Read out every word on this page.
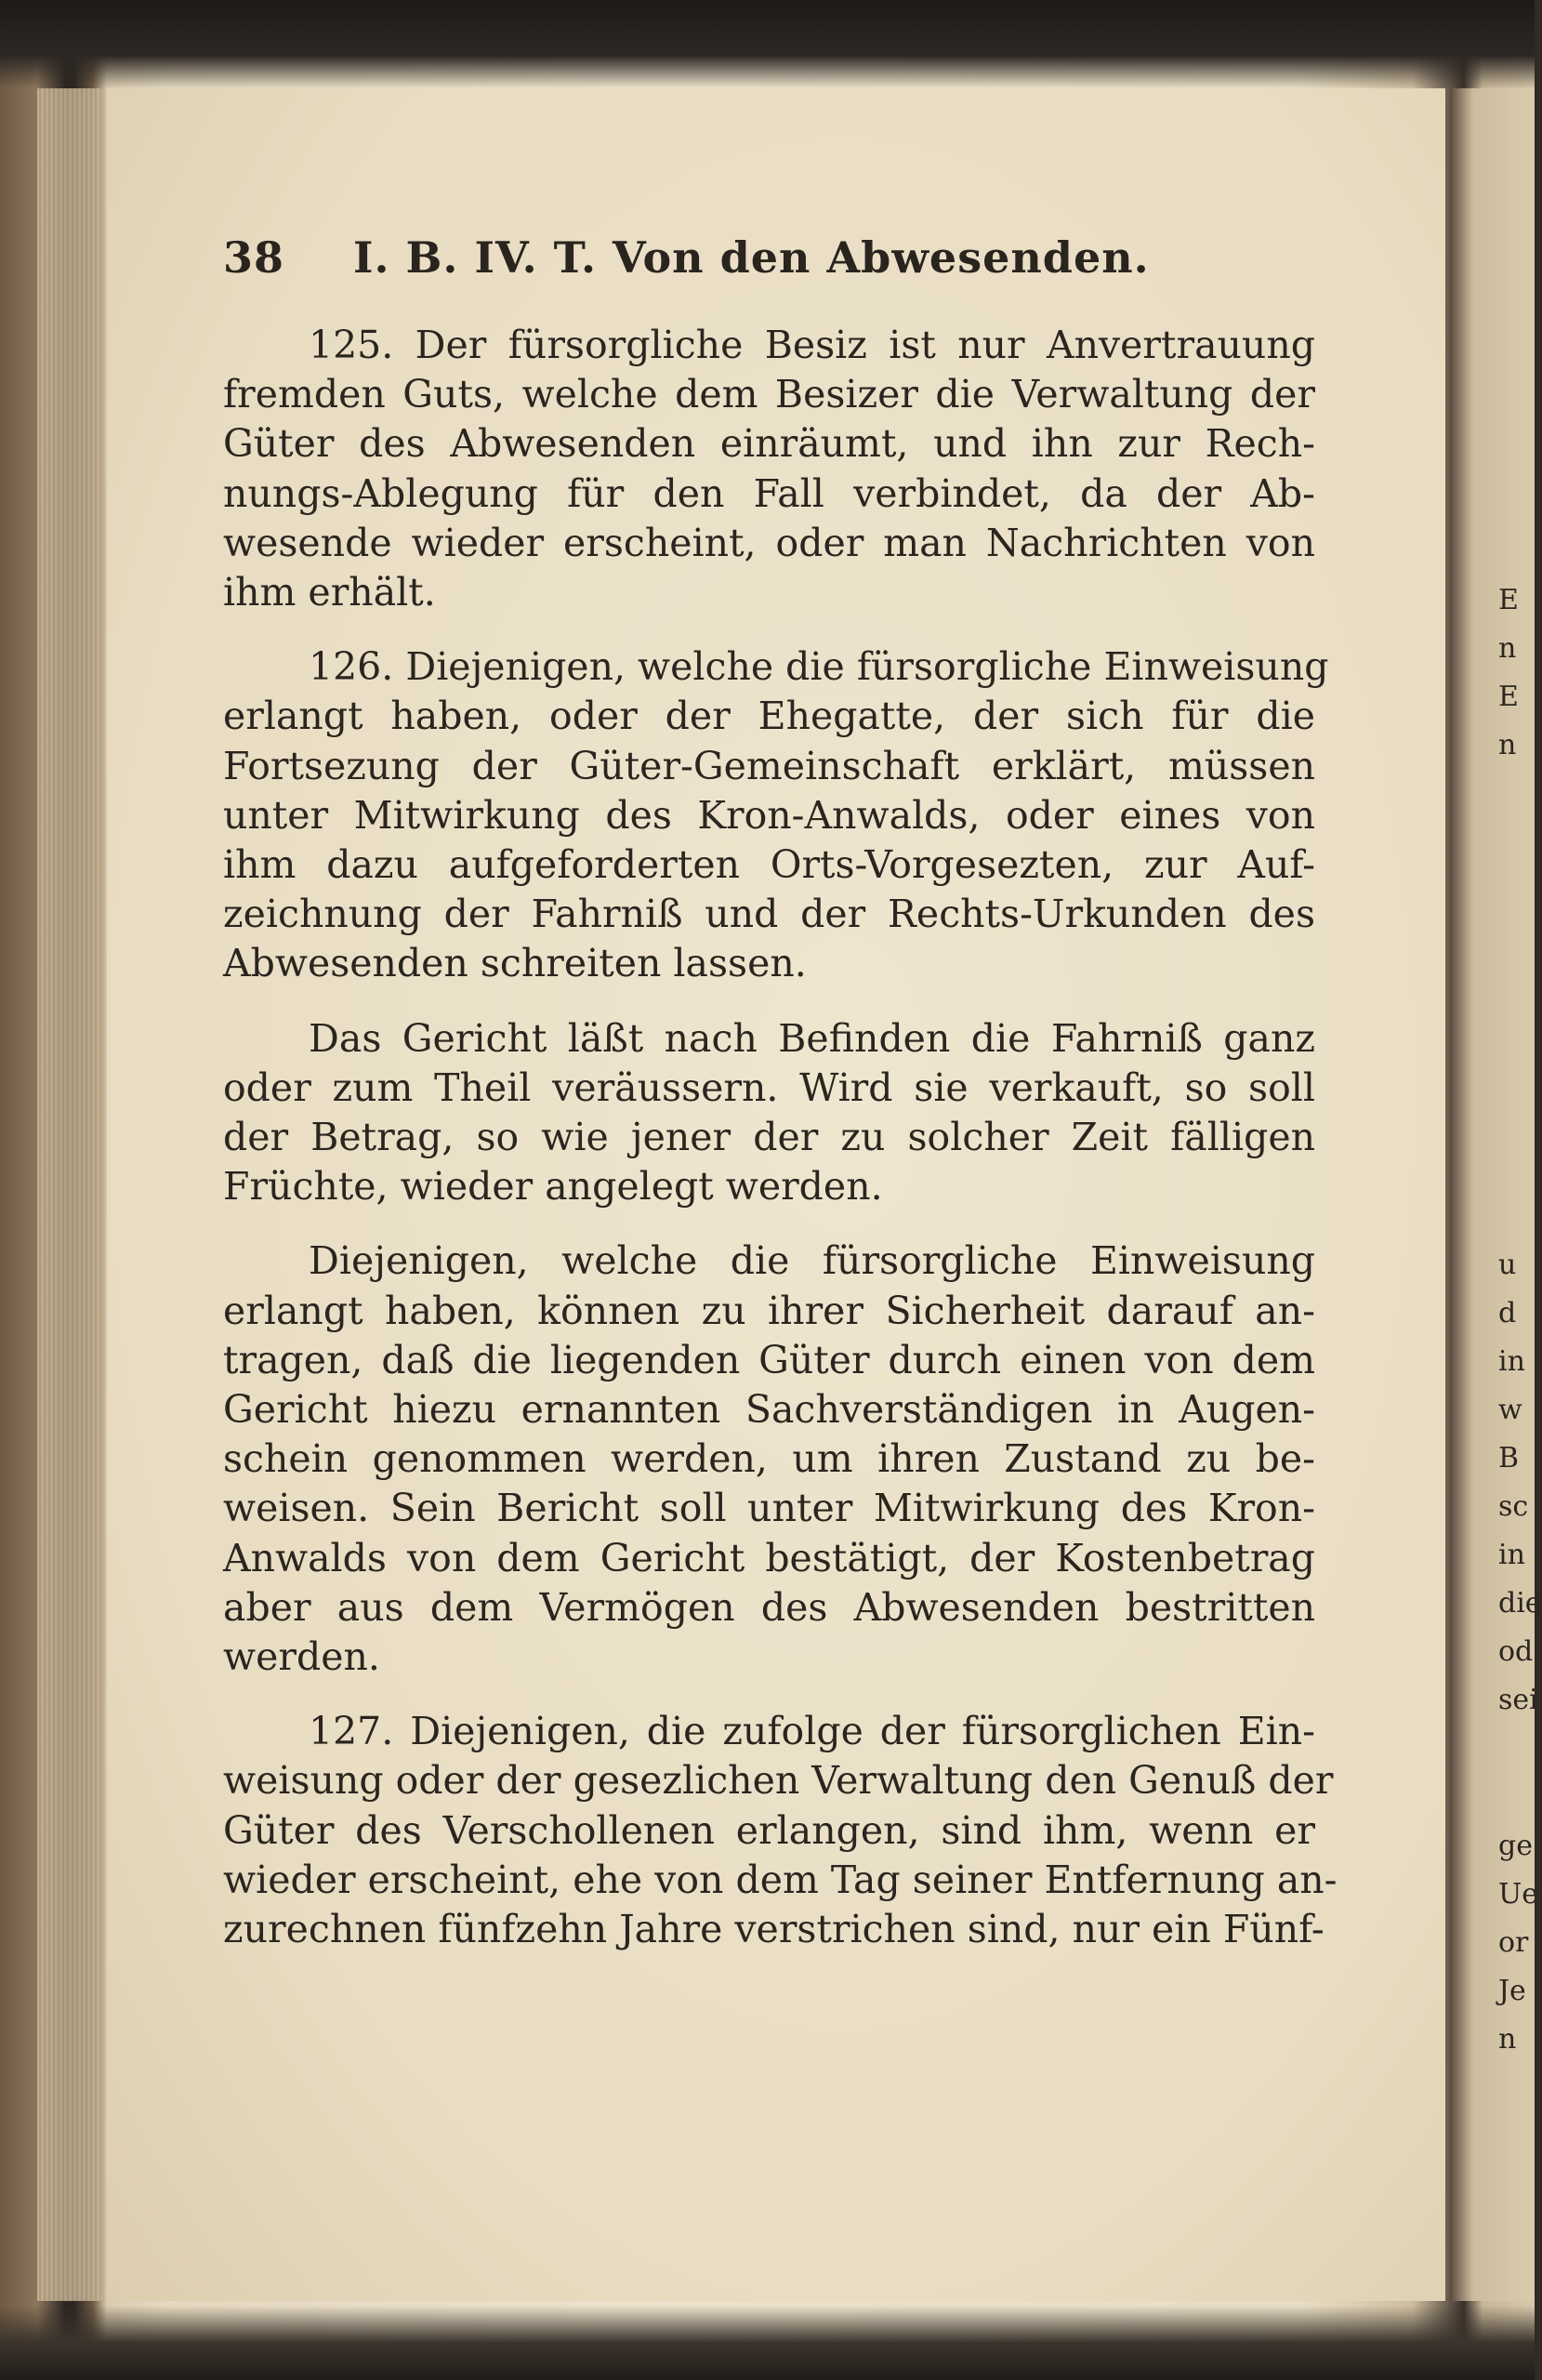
38	I. B. IV. T. Von den Abwesenden.
125. Der fürsorgliche Besiz ist nur Anvertrauung
fremden Guts, welche dem Besizer die Verwaltung der
Güter des Abwesenden einräumt, und ihn zur Rech-
nungs-Ablegung für den Fall verbindet, da der Ab-
wesende wieder erscheint, oder man Nachrichten von
ihm erhält.
126. Diejenigen, welche die fürsorgliche Einweisung
erlangt haben, oder der Ehegatte, der sich für die
Fortsezung der Güter-Gemeinschaft erklärt, müssen
unter Mitwirkung des Kron-Anwalds, oder eines von
ihm dazu aufgeforderten Orts-Vorgesezten, zur Auf-
zeichnung der Fahrniß und der Rechts-Urkunden des
Abwesenden schreiten lassen.
Das Gericht läßt nach Befinden die Fahrniß ganz
oder zum Theil veräussern. Wird sie verkauft, so soll
der Betrag, so wie jener der zu solcher Zeit fälligen
Früchte, wieder angelegt werden.
Diejenigen, welche die fürsorgliche Einweisung
erlangt haben, können zu ihrer Sicherheit darauf an-
tragen, daß die liegenden Güter durch einen von dem
Gericht hiezu ernannten Sachverständigen in Augen-
schein genommen werden, um ihren Zustand zu be-
weisen. Sein Bericht soll unter Mitwirkung des Kron-
Anwalds von dem Gericht bestätigt, der Kostenbetrag
aber aus dem Vermögen des Abwesenden bestritten
werden.
127. Diejenigen, die zufolge der fürsorglichen Ein-
weisung oder der gesezlichen Verwaltung den Genuß der
Güter des Verschollenen erlangen, sind ihm, wenn er
wieder erscheint, ehe von dem Tag seiner Entfernung an-
zurechnen fünfzehn Jahre verstrichen sind, nur ein Fünf-
E
n
E
n
u
d
in
w
B
sc
in
die
od
sei
ge
Ue
or
Je
n
